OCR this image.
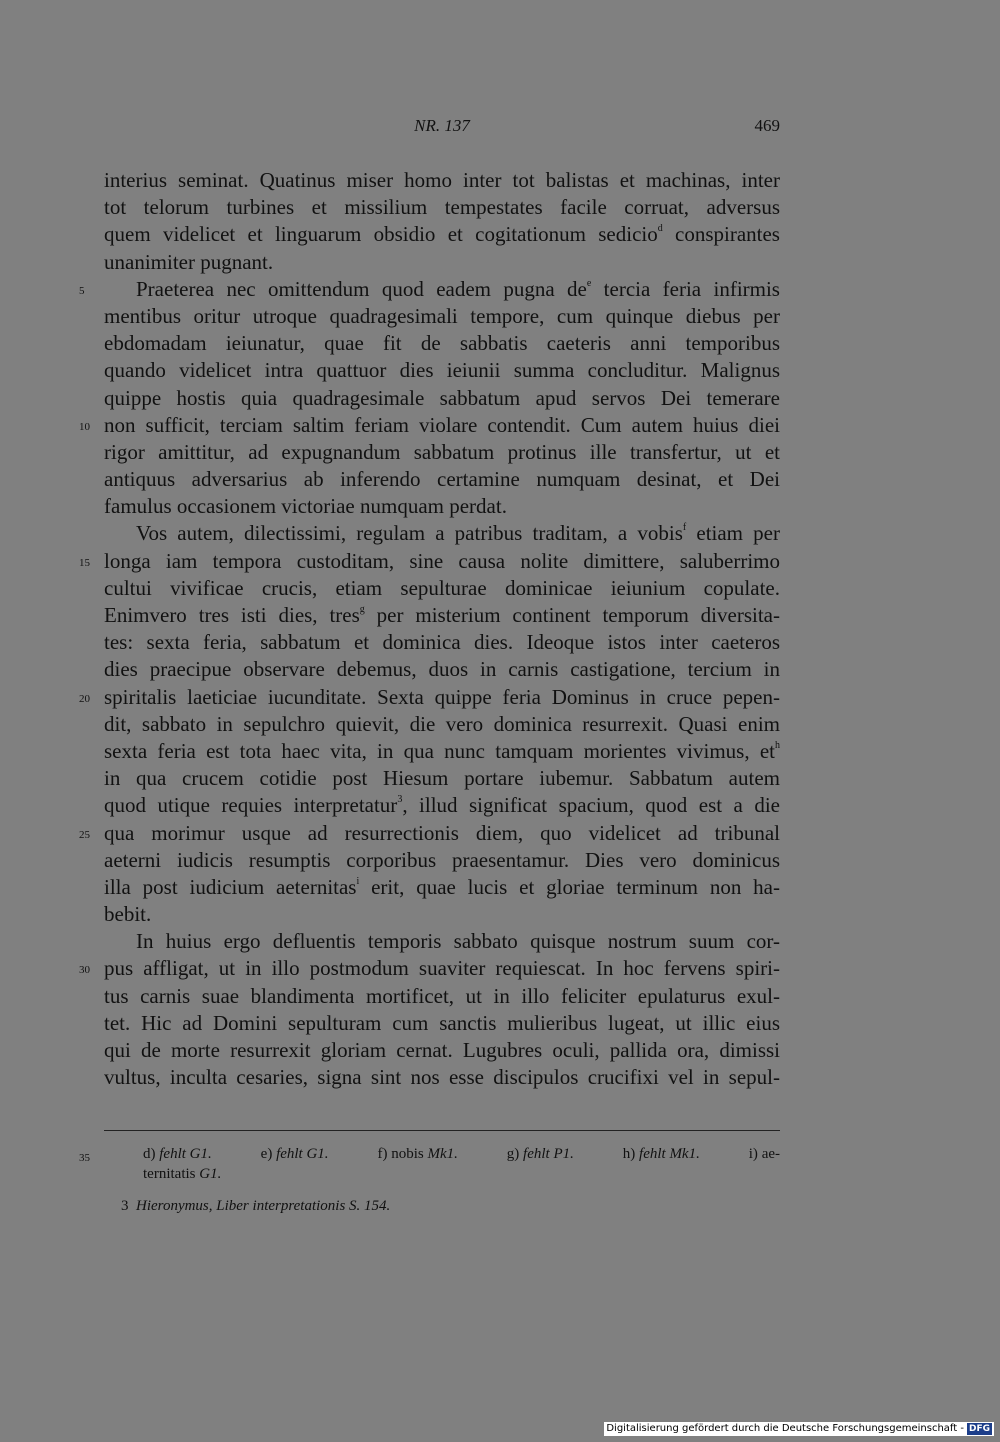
NR. 137	469
interius seminat. Quatinus miser homo inter tot balistas et machinas, inter
tot telorum turbines et missilium tempestates facile corruat, adversus
quem videlicet et linguarum obsidio et cogitationum sedicio$^d$ conspirantes
unanimiter pugnant.
5	Praeterea nec omittendum quod eadem pugna $de^e$ tercia feria infirmis
mentibus oritur utroque quadragesimali tempore, cum quinque diebus per
ebdomadam ieiunatur, quae fit de sabbatis caeteris anni temporibus
quando videlicet intra quattuor dies ieiunii summa concluditur. Malignus
quippe hostis quia quadragesimale sabbatum apud servos Dei temerare
10 non sufficit, terciam saltim feriam violare contendit. Cum autem huius diei
rigor amittitur, ad expugnandum sabbatum protinus ille transfertur, ut et
antiquus adversarius ab inferendo certamine numquam desinat, et Dei
famulus occasionem victoriae numquam perdat.
Vos autem, dilectissimi, regulam a patribus traditam, a vobis$^f$ etiam per
15 longa iam tempora custoditam, sine causa nolite dimittere, saluberrimo
cultui vivificae crucis, etiam sepulturae dominicae ieiunium copulate.
Enimvero tres isti dies, tres$^g$ per misterium continent temporum diversita-
tes: sexta feria, sabbatum et dominica dies. Ideoque istos inter caeteros
dies praecipue observare debemus, duos in carnis castigatione, tercium in
20 spiritalis laeticiae iucunditate. Sexta quippe feria Dominus in cruce pepen-
dit, sabbato in sepulchro quievit, die vero dominica resurrexit. Quasi enim
sexta feria est tota haec vita, in qua nunc tamquam morientes vivimus, $et^h$
in qua crucem cotidie post Hiesum portare iubemur. Sabbatum autem
quod utique requies interpretatur$^3$, illud significat spacium, quod est a die
25 qua morimur usque ad resurrectionis diem, quo videlicet ad tribunal
aeterni iudicis resumptis corporibus praesentamur. Dies vero dominicus
illa post iudicium aeternitas$^i$ erit, quae lucis et gloriae terminum non ha-
bebit.
In huius ergo defluentis temporis sabbato quisque nostrum suum cor-
30 pus affligat, ut in illo postmodum suaviter requiescat. In hoc fervens spiri-
tus carnis suae blandimenta mortificet, ut in illo feliciter epulaturus exul-
tet. Hic ad Domini sepulturam cum sanctis mulieribus lugeat, ut illic eius
qui de morte resurrexit gloriam cernat. Lugubres oculi, pallida ora, dimissi
vultus, inculta cesaries, signa sint nos esse discipulos crucifixi vel in sepul-
35	d) fehlt G1.	e) fehlt G1.	f) nobis Mk1.	g) fehlt P1.	h) fehlt Mk1.	i) ae-
ternitatis G1.
3 Hieronymus, Liber interpretationis S. 154.
Digitalisierung gefördert durch die Deutsche Forschungsgemeinschaft - DFG
